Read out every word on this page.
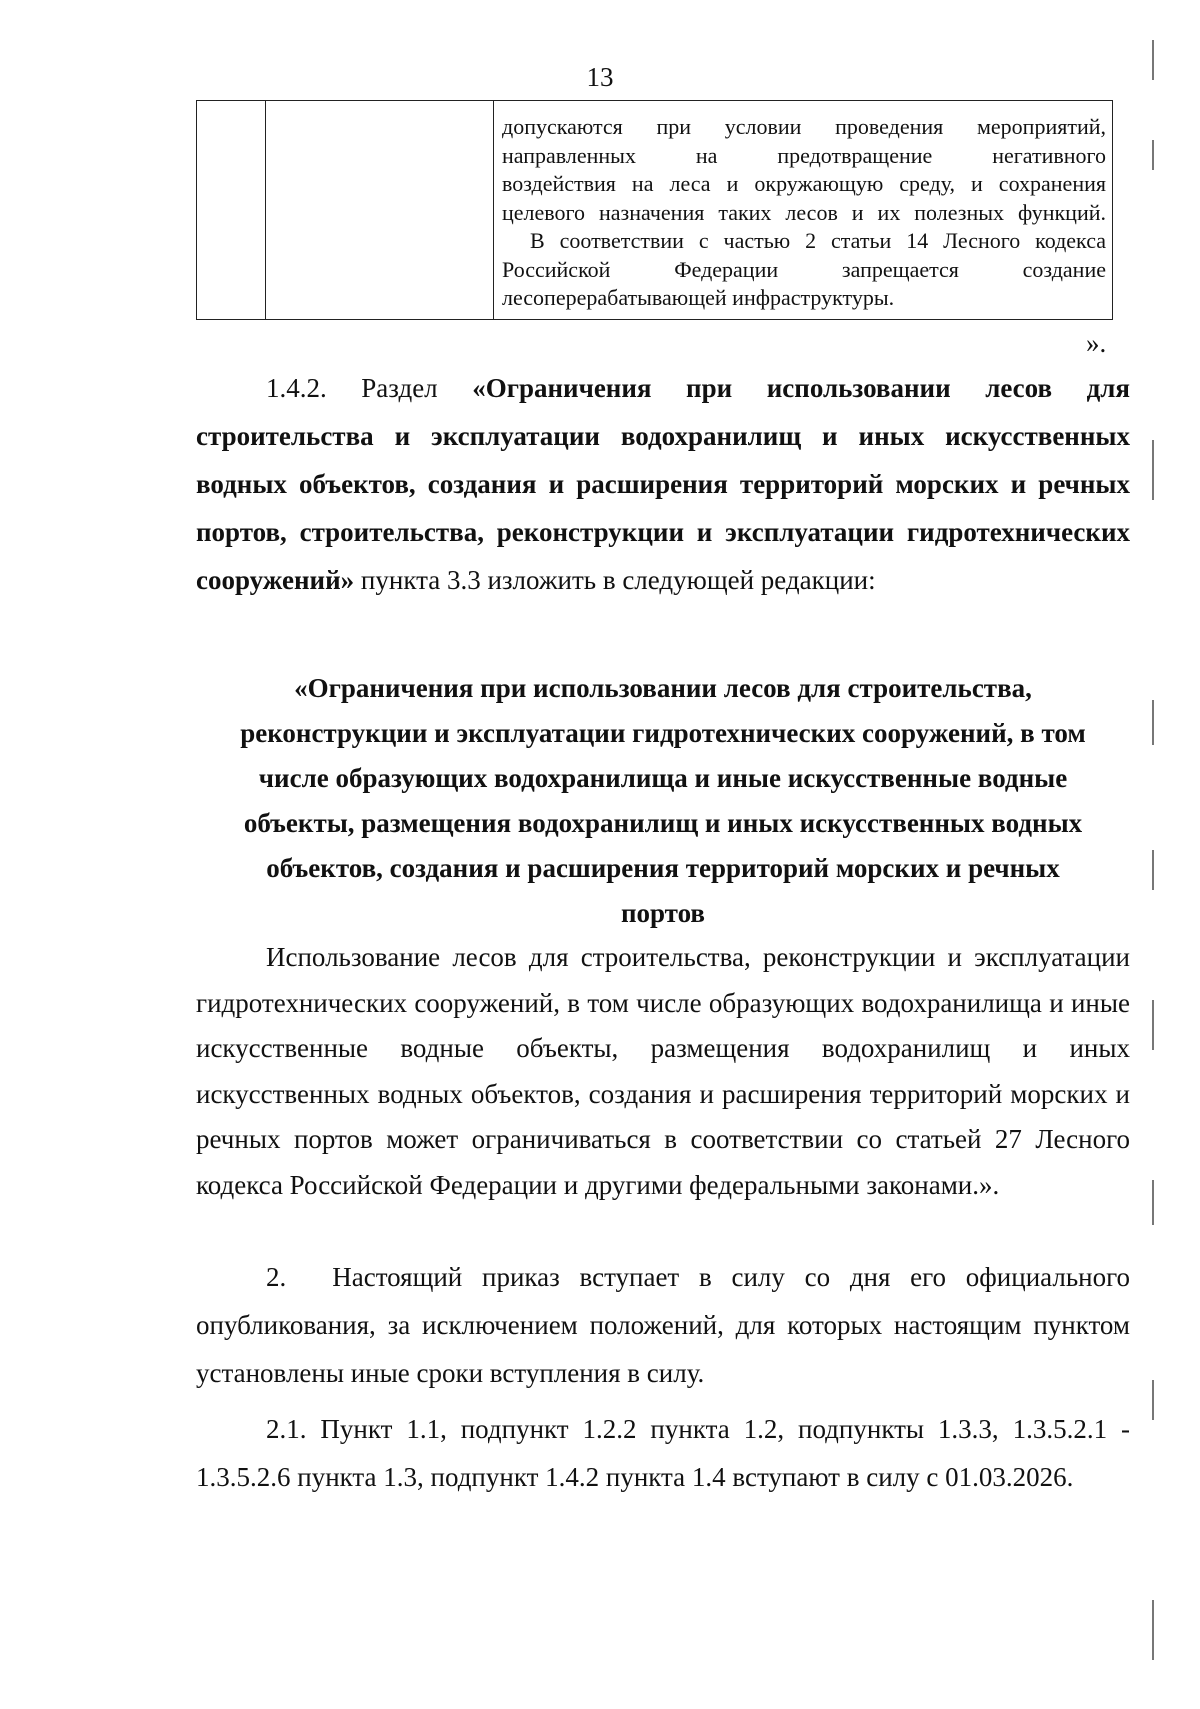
13

допускаются при условии проведения мероприятий,

направленных на предотвращение негативного

воздействия на леса и окружающую среду, и сохранения

целевого назначения таких лесов и их полезных функций.

В соответствии с частью 2 статьи 14 Лесного кодекса

Российской Федерации запрещается создание

лесоперерабатывающей инфраструктуры.

».
1.4.2. Раздел «Ограничения при использовании лесов для строительства и эксплуатации водохранилищ и иных искусственных водных объектов, создания и расширения территорий морских и речных портов, строительства, реконструкции и эксплуатации гидротехнических сооружений» пункта 3.3 изложить в следующей редакции:
«Ограничения при использовании лесов для строительства,
реконструкции и эксплуатации гидротехнических сооружений, в том
числе образующих водохранилища и иные искусственные водные
объекты, размещения водохранилищ и иных искусственных водных
объектов, создания и расширения территорий морских и речных
портов
Использование лесов для строительства, реконструкции и эксплуатации гидротехнических сооружений, в том числе образующих водохранилища и иные искусственные водные объекты, размещения водохранилищ и иных искусственных водных объектов, создания и расширения территорий морских и речных портов может ограничиваться в соответствии со статьей 27 Лесного кодекса Российской Федерации и другими федеральными законами.».
2. Настоящий приказ вступает в силу со дня его официального опубликования, за исключением положений, для которых настоящим пунктом установлены иные сроки вступления в силу.
2.1. Пункт 1.1, подпункт 1.2.2 пункта 1.2, подпункты 1.3.3, 1.3.5.2.1 - 1.3.5.2.6 пункта 1.3, подпункт 1.4.2 пункта 1.4 вступают в силу с 01.03.2026.
